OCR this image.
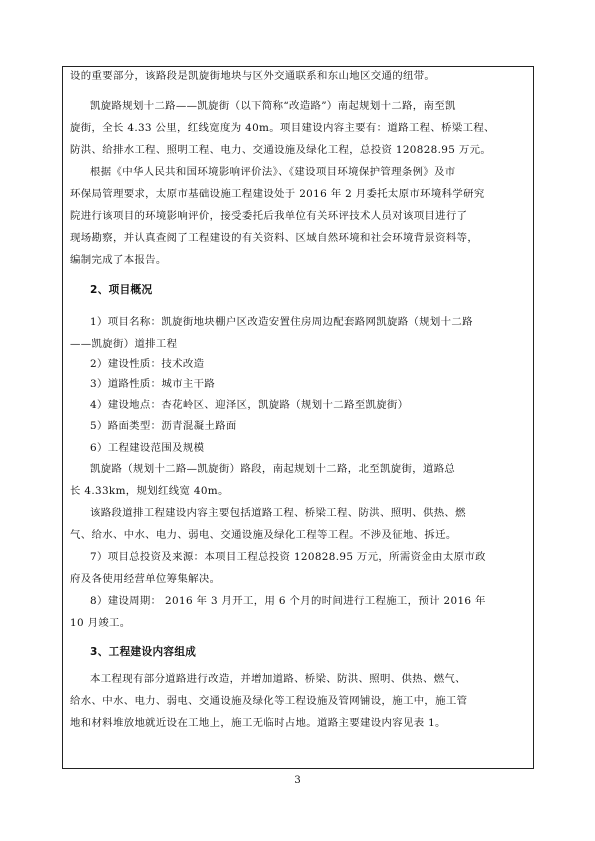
设的重要部分，该路段是凯旋街地块与区外交通联系和东山地区交通的纽带。
凯旋路规划十二路——凯旋街（以下简称“改造路”）南起规划十二路，南至凯
旋街，全长 4.33 公里，红线宽度为 40m。项目建设内容主要有：道路工程、桥梁工程、
防洪、给排水工程、照明工程、电力、交通设施及绿化工程，总投资 120828.95 万元。
根据《中华人民共和国环境影响评价法》、《建设项目环境保护管理条例》及市
环保局管理要求，太原市基础设施工程建设处于 2016 年 2 月委托太原市环境科学研究
院进行该项目的环境影响评价，接受委托后我单位有关环评技术人员对该项目进行了
现场勘察，并认真查阅了工程建设的有关资料、区域自然环境和社会环境背景资料等，
编制完成了本报告。
2、项目概况
1）项目名称：凯旋街地块棚户区改造安置住房周边配套路网凯旋路（规划十二路
——凯旋街）道排工程
2）建设性质：技术改造
3）道路性质：城市主干路
4）建设地点：杏花岭区、迎泽区，凯旋路（规划十二路至凯旋街）
5）路面类型：沥青混凝土路面
6）工程建设范围及规模
凯旋路（规划十二路—凯旋街）路段，南起规划十二路，北至凯旋街，道路总
长 4.33km，规划红线宽 40m。
该路段道排工程建设内容主要包括道路工程、桥梁工程、防洪、照明、供热、燃
气、给水、中水、电力、弱电、交通设施及绿化工程等工程。不涉及征地、拆迁。
7）项目总投资及来源：本项目工程总投资 120828.95 万元，所需资金由太原市政
府及各使用经营单位筹集解决。
8）建设周期： 2016 年 3 月开工，用 6 个月的时间进行工程施工，预计 2016 年
10 月竣工。
3、工程建设内容组成
本工程现有部分道路进行改造，并增加道路、桥梁、防洪、照明、供热、燃气、
给水、中水、电力、弱电、交通设施及绿化等工程设施及管网铺设，施工中，施工管
地和材料堆放地就近设在工地上，施工无临时占地。道路主要建设内容见表 1。
3
